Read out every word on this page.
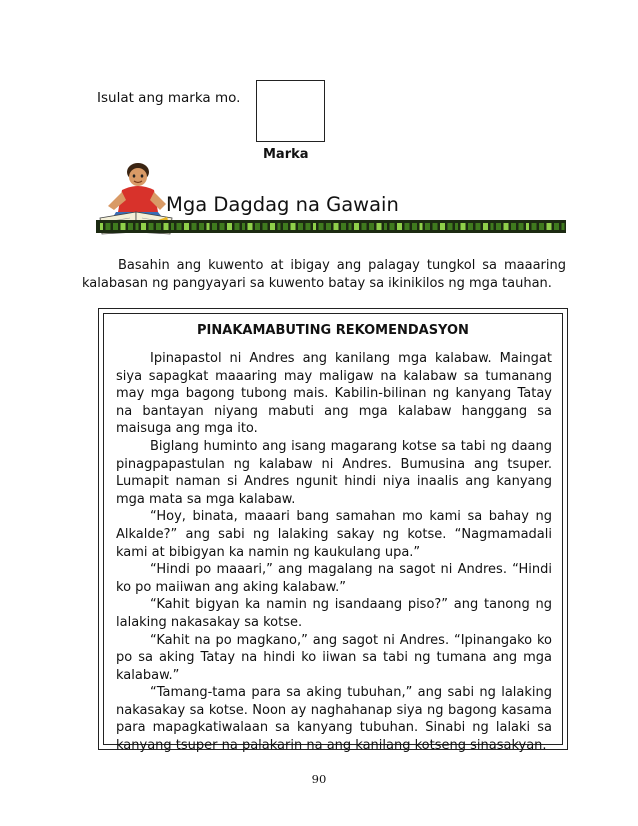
Isulat ang marka mo.
Marka
Mga Dagdag na Gawain
Basahin ang kuwento at ibigay ang palagay tungkol sa maaaring kalabasan ng pangyayari sa kuwento batay sa ikinikilos ng mga tauhan.
PINAKAMABUTING REKOMENDASYON

Ipinapastol ni Andres ang kanilang mga kalabaw. Maingat siya sapagkat maaaring may maligaw na kalabaw sa tumanang may mga bagong tubong mais. Kabilin-bilinan ng kanyang Tatay na bantayan niyang mabuti ang mga kalabaw hanggang sa maisuga ang mga ito.

Biglang huminto ang isang magarang kotse sa tabi ng daang pinagpapastulan ng kalabaw ni Andres. Bumusina ang tsuper. Lumapit naman si Andres ngunit hindi niya inaalis ang kanyang mga mata sa mga kalabaw.

“Hoy, binata, maaari bang samahan mo kami sa bahay ng Alkalde?” ang sabi ng lalaking sakay ng kotse. “Nagmamadali kami at bibigyan ka namin ng kaukulang upa.”

“Hindi po maaari,” ang magalang na sagot ni Andres. “Hindi ko po maiiwan ang aking kalabaw.”

“Kahit bigyan ka namin ng isandaang piso?” ang tanong ng lalaking nakasakay sa kotse.

“Kahit na po magkano,” ang sagot ni Andres. “Ipinangako ko po sa aking Tatay na hindi ko iiwan sa tabi ng tumana ang mga kalabaw.”

“Tamang-tama para sa aking tubuhan,” ang sabi ng lalaking nakasakay sa kotse. Noon ay naghahanap siya ng bagong kasama para mapagkatiwalaan sa kanyang tubuhan. Sinabi ng lalaki sa kanyang tsuper na palakarin na ang kanilang kotseng sinasakyan.

90
